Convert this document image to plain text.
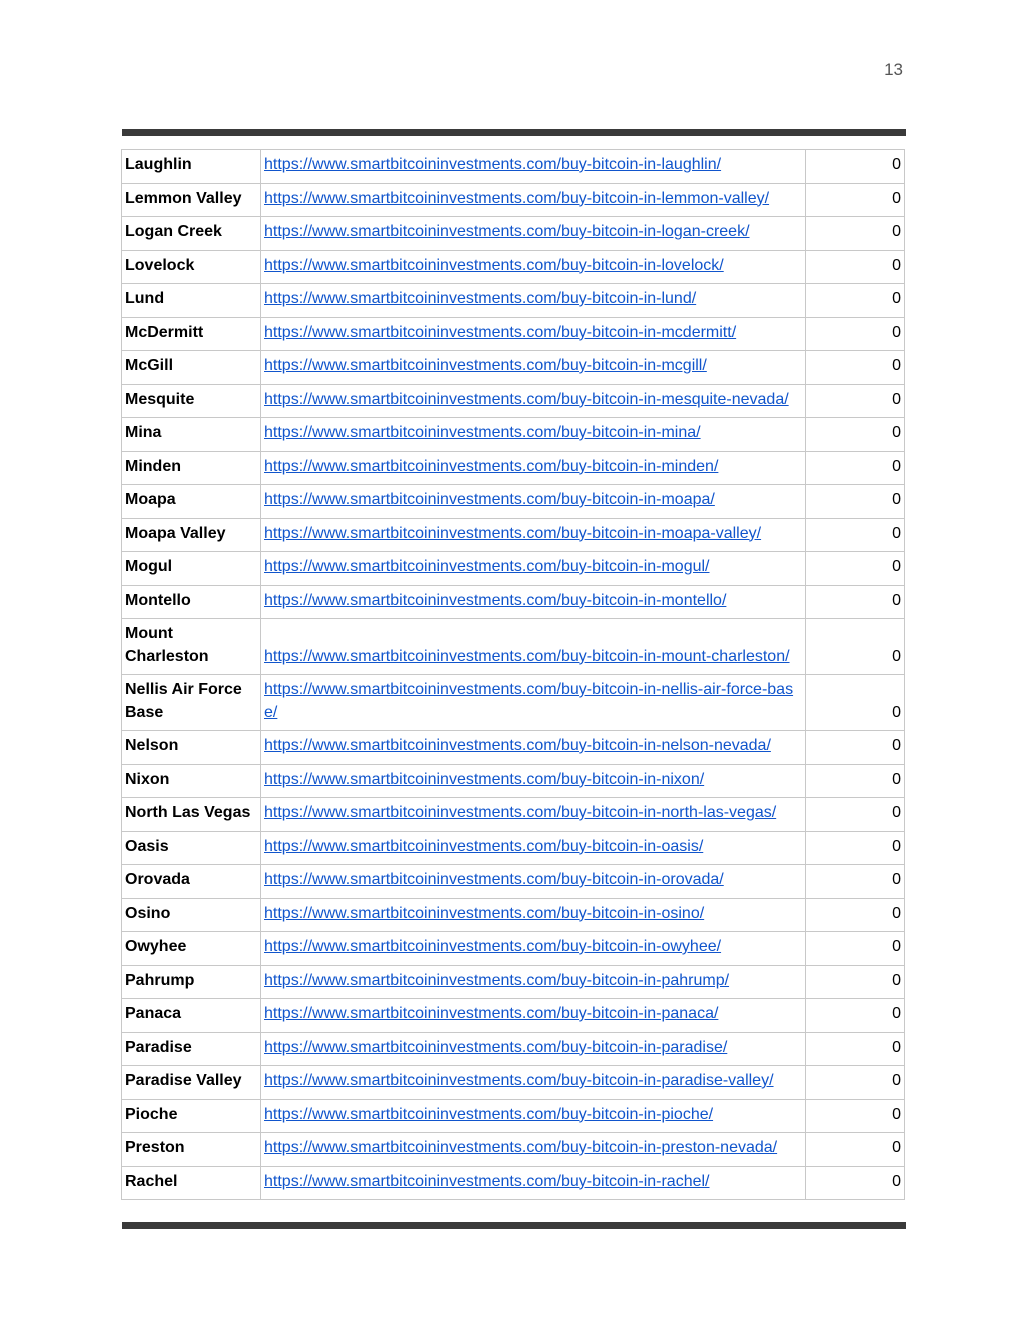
13
Laughlin	https://www.smartbitcoininvestments.com/buy-bitcoin-in-laughlin/	0
Lemmon Valley	https://www.smartbitcoininvestments.com/buy-bitcoin-in-lemmon-valley/	0
Logan Creek	https://www.smartbitcoininvestments.com/buy-bitcoin-in-logan-creek/	0
Lovelock	https://www.smartbitcoininvestments.com/buy-bitcoin-in-lovelock/	0
Lund	https://www.smartbitcoininvestments.com/buy-bitcoin-in-lund/	0
McDermitt	https://www.smartbitcoininvestments.com/buy-bitcoin-in-mcdermitt/	0
McGill	https://www.smartbitcoininvestments.com/buy-bitcoin-in-mcgill/	0
Mesquite	https://www.smartbitcoininvestments.com/buy-bitcoin-in-mesquite-nevada/	0
Mina	https://www.smartbitcoininvestments.com/buy-bitcoin-in-mina/	0
Minden	https://www.smartbitcoininvestments.com/buy-bitcoin-in-minden/	0
Moapa	https://www.smartbitcoininvestments.com/buy-bitcoin-in-moapa/	0
Moapa Valley	https://www.smartbitcoininvestments.com/buy-bitcoin-in-moapa-valley/	0
Mogul	https://www.smartbitcoininvestments.com/buy-bitcoin-in-mogul/	0
Montello	https://www.smartbitcoininvestments.com/buy-bitcoin-in-montello/	0
Mount Charleston	https://www.smartbitcoininvestments.com/buy-bitcoin-in-mount-charleston/	0
Nellis Air Force Base	https://www.smartbitcoininvestments.com/buy-bitcoin-in-nellis-air-force-base/	0
Nelson	https://www.smartbitcoininvestments.com/buy-bitcoin-in-nelson-nevada/	0
Nixon	https://www.smartbitcoininvestments.com/buy-bitcoin-in-nixon/	0
North Las Vegas	https://www.smartbitcoininvestments.com/buy-bitcoin-in-north-las-vegas/	0
Oasis	https://www.smartbitcoininvestments.com/buy-bitcoin-in-oasis/	0
Orovada	https://www.smartbitcoininvestments.com/buy-bitcoin-in-orovada/	0
Osino	https://www.smartbitcoininvestments.com/buy-bitcoin-in-osino/	0
Owyhee	https://www.smartbitcoininvestments.com/buy-bitcoin-in-owyhee/	0
Pahrump	https://www.smartbitcoininvestments.com/buy-bitcoin-in-pahrump/	0
Panaca	https://www.smartbitcoininvestments.com/buy-bitcoin-in-panaca/	0
Paradise	https://www.smartbitcoininvestments.com/buy-bitcoin-in-paradise/	0
Paradise Valley	https://www.smartbitcoininvestments.com/buy-bitcoin-in-paradise-valley/	0
Pioche	https://www.smartbitcoininvestments.com/buy-bitcoin-in-pioche/	0
Preston	https://www.smartbitcoininvestments.com/buy-bitcoin-in-preston-nevada/	0
Rachel	https://www.smartbitcoininvestments.com/buy-bitcoin-in-rachel/	0
